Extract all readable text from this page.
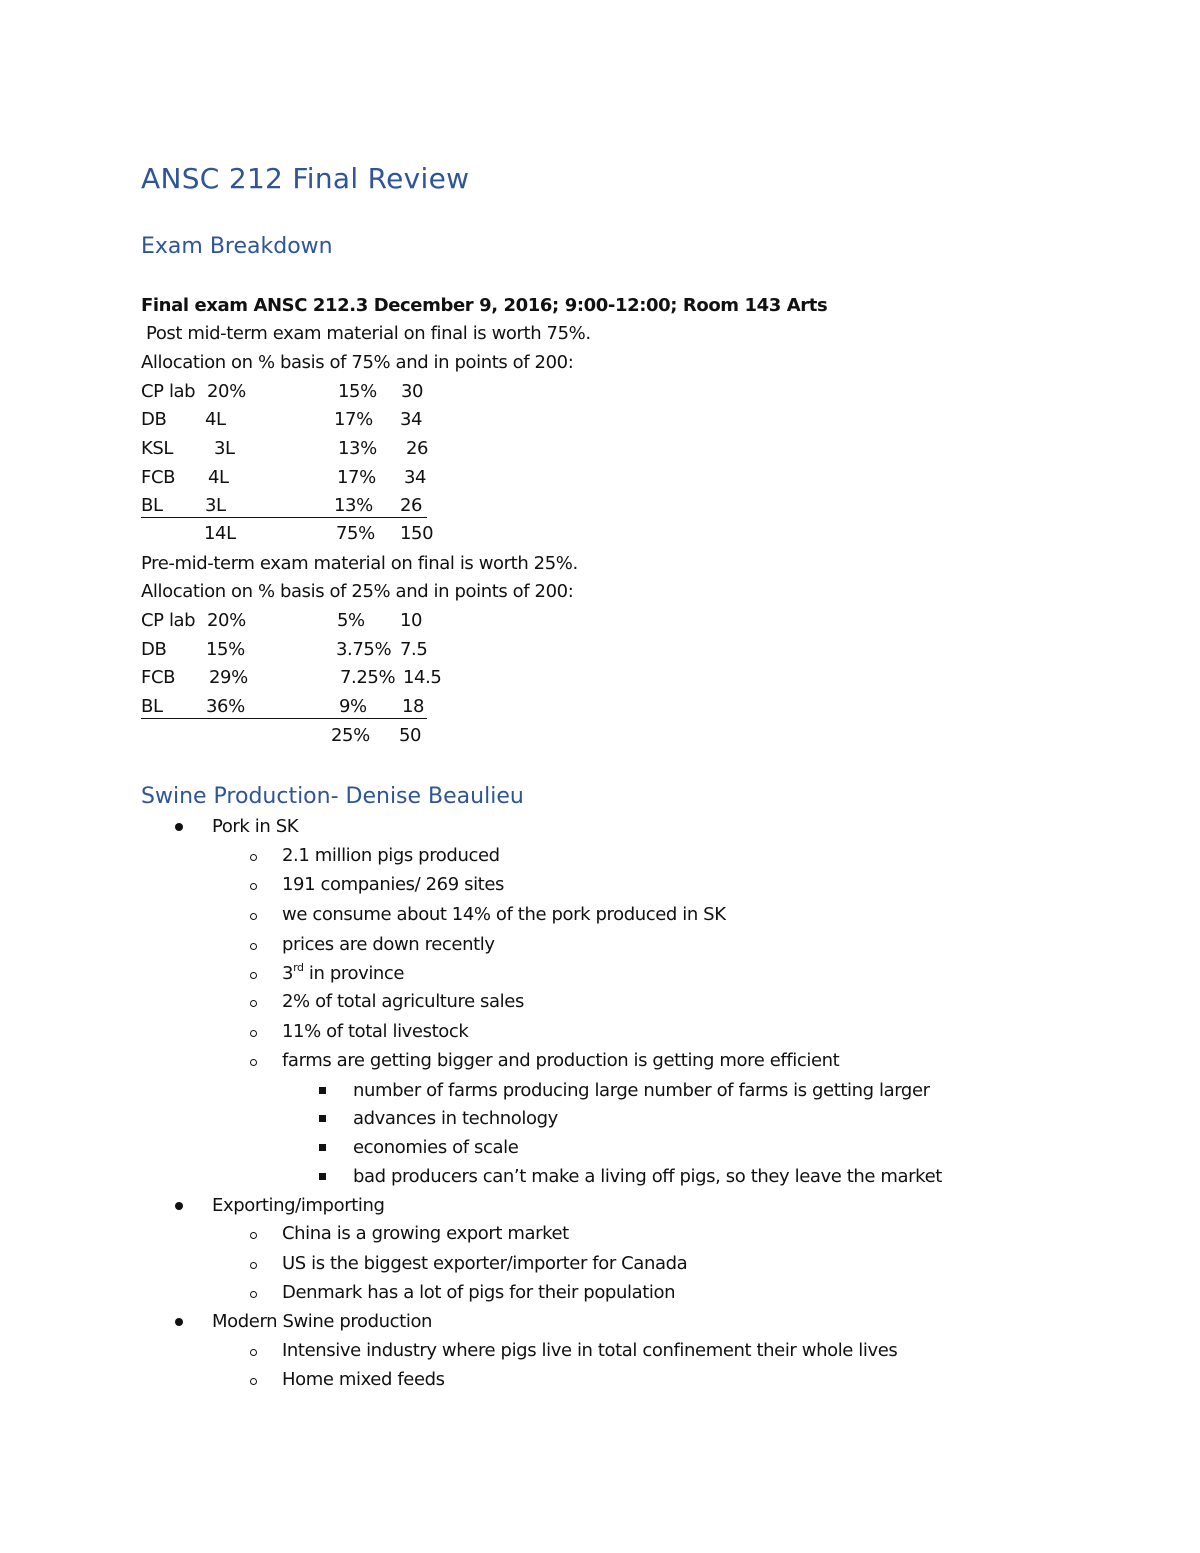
ANSC 212 Final Review
Exam Breakdown
Final exam ANSC 212.3 December 9, 2016; 9:00-12:00; Room 143 Arts
Post mid-term exam material on final is worth 75%.
Allocation on % basis of 75% and in points of 200:
CP lab 20%	15% 30
DB 4L	17% 34
KSL 3L	13% 26
FCB 4L	17% 34
BL 3L	13% 26
14L	75% 150
Pre-mid-term exam material on final is worth 25%.
Allocation on % basis of 25% and in points of 200:
CP lab 20%	5% 10
DB 15%	3.75% 7.5
FCB 29%	7.25% 14.5
BL 36%	9% 18
25% 50
Swine Production- Denise Beaulieu
Pork in SK
2.1 million pigs produced
191 companies/ 269 sites
we consume about 14% of the pork produced in SK
prices are down recently
3rd in province
2% of total agriculture sales
11% of total livestock
farms are getting bigger and production is getting more efficient
number of farms producing large number of farms is getting larger
advances in technology
economies of scale
bad producers can’t make a living off pigs, so they leave the market
Exporting/importing
China is a growing export market
US is the biggest exporter/importer for Canada
Denmark has a lot of pigs for their population
Modern Swine production
Intensive industry where pigs live in total confinement their whole lives
Home mixed feeds
